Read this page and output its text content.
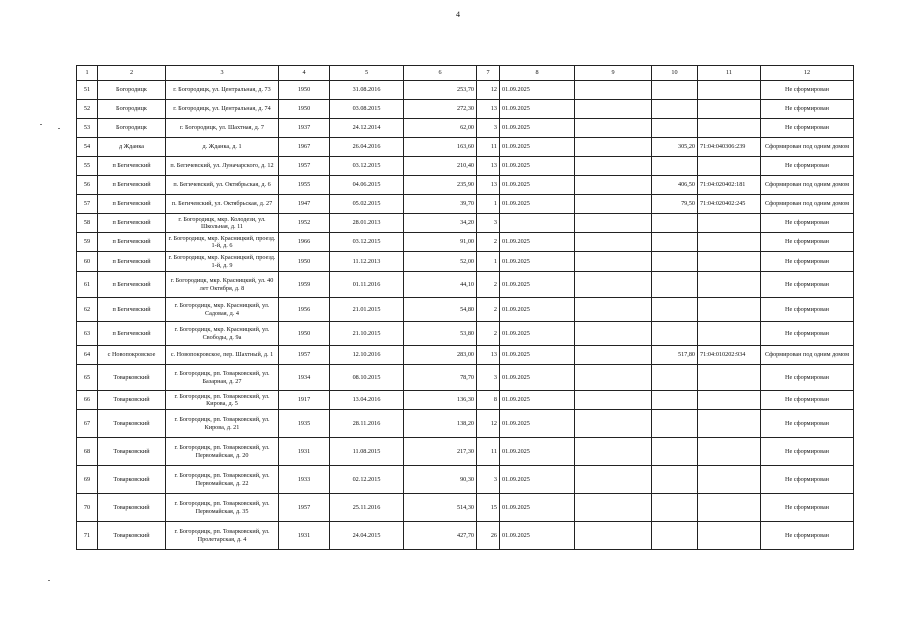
4
1	2	3	4	5	6	7	8	9	10	11	12
51	Богородицк	г. Богородицк, ул. Центральная, д. 73	1950	31.08.2016	253,70	12	01.09.2025				Не сформирован
52	Богородицк	г. Богородицк, ул. Центральная, д. 74	1950	03.08.2015	272,30	13	01.09.2025				Не сформирован
53	Богородицк	г. Богородицк, ул. Шахтная, д. 7	1937	24.12.2014	62,00	3	01.09.2025				Не сформирован
54	д Жданка	д. Жданка, д. 1	1967	26.04.2016	163,60	11	01.09.2025		305,20	71:04:040306:239	Сформирован под одним домом
55	п Бегичевский	п. Бегичевский, ул. Луначарского, д. 12	1957	03.12.2015	210,40	13	01.09.2025				Не сформирован
56	п Бегичевский	п. Бегичевский, ул. Октябрьская, д. 6	1955	04.06.2015	235,90	13	01.09.2025		406,50	71:04:020402:181	Сформирован под одним домом
57	п Бегичевский	п. Бегичевский, ул. Октябрьская, д. 27	1947	05.02.2015	39,70	1	01.09.2025		79,50	71:04:020402:245	Сформирован под одним домом
58	п Бегичевский	г. Богородицк, мкр. Колодези, ул. Школьная, д. 11	1952	28.01.2013	34,20	3					Не сформирован
59	п Бегичевский	г. Богородицк, мкр. Красницкий, проезд. 1-й, д. 6	1966	03.12.2015	91,00	2	01.09.2025				Не сформирован
60	п Бегичевский	г. Богородицк, мкр. Красницкий, проезд. 1-й, д. 9	1950	11.12.2013	52,00	1	01.09.2025				Не сформирован
61	п Бегичевский	г. Богородицк, мкр. Красницкий, ул. 40 лет Октября, д. 8	1959	01.11.2016	44,10	2	01.09.2025				Не сформирован
62	п Бегичевский	г. Богородицк, мкр. Красницкий, ул. Садовая, д. 4	1956	21.01.2015	54,80	2	01.09.2025				Не сформирован
63	п Бегичевский	г. Богородицк, мкр. Красницкий, ул. Свободы, д. 9а	1950	21.10.2015	53,80	2	01.09.2025				Не сформирован
64	с Новопокровское	с. Новопокровское, пер. Шахтный, д. 1	1957	12.10.2016	283,00	13	01.09.2025		517,80	71:04:010202:934	Сформирован под одним домом
65	Товарковский	г. Богородицк, рп. Товарковский, ул. Базарная, д. 27	1934	08.10.2015	78,70	3	01.09.2025				Не сформирован
66	Товарковский	г. Богородицк, рп. Товарковский, ул. Кирова, д. 5	1917	13.04.2016	136,30	8	01.09.2025				Не сформирован
67	Товарковский	г. Богородицк, рп. Товарковский, ул. Кирова, д. 21	1935	28.11.2016	138,20	12	01.09.2025				Не сформирован
68	Товарковский	г. Богородицк, рп. Товарковский, ул. Первомайская, д. 20	1931	11.08.2015	217,30	11	01.09.2025				Не сформирован
69	Товарковский	г. Богородицк, рп. Товарковский, ул. Первомайская, д. 22	1933	02.12.2015	90,30	3	01.09.2025				Не сформирован
70	Товарковский	г. Богородицк, рп. Товарковский, ул. Первомайская, д. 35	1957	25.11.2016	514,30	15	01.09.2025				Не сформирован
71	Товарковский	г. Богородицк, рп. Товарковский, ул. Пролетарская, д. 4	1931	24.04.2015	427,70	26	01.09.2025				Не сформирован
